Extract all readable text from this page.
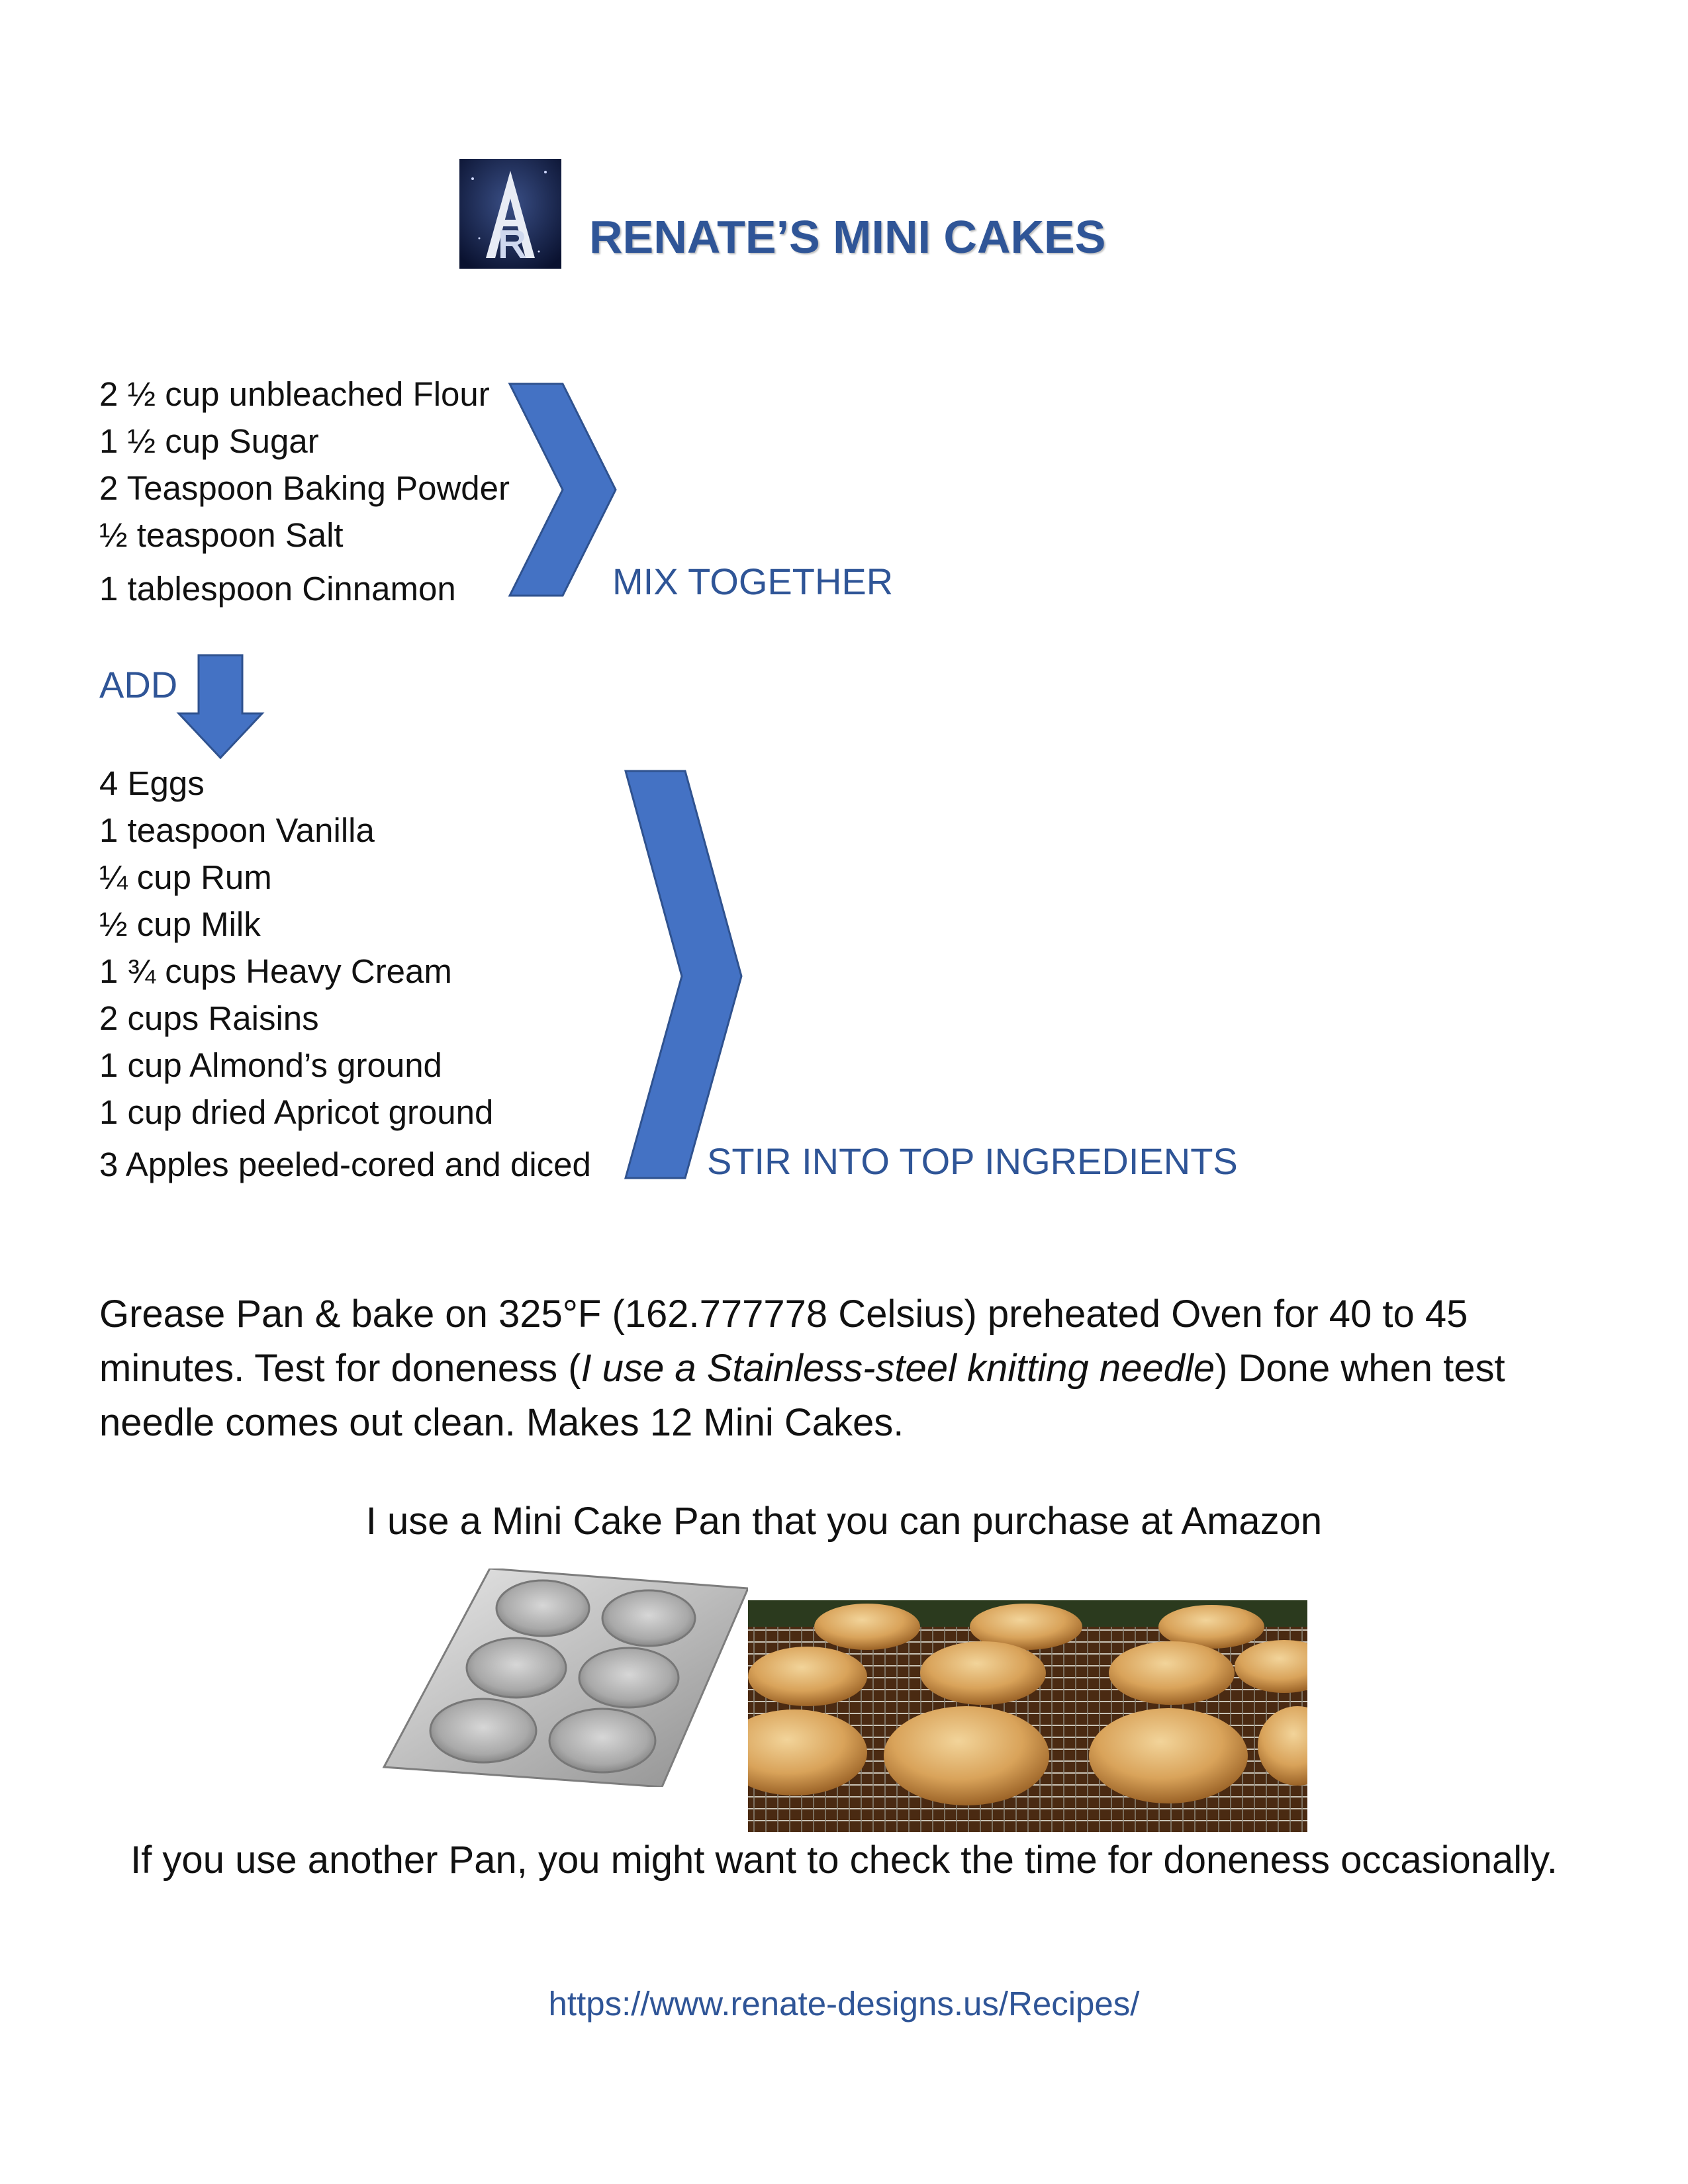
RENATE’S MINI CAKES
2 ½ cup unbleached Flour
1 ½ cup Sugar
2 Teaspoon Baking Powder
½ teaspoon Salt
1 tablespoon Cinnamon	MIX TOGETHER
ADD
4 Eggs
1 teaspoon Vanilla
¼ cup Rum
½ cup Milk
1 ¾ cups Heavy Cream
2 cups Raisins
1 cup Almond’s ground
1 cup dried Apricot ground
3 Apples peeled-cored and diced	STIR INTO TOP INGREDIENTS
Grease Pan & bake on 325°F (162.777778 Celsius) preheated Oven for 40 to 45 minutes. Test for doneness (I use a Stainless-steel knitting needle) Done when test needle comes out clean. Makes 12 Mini Cakes.
I use a Mini Cake Pan that you can purchase at Amazon
If you use another Pan, you might want to check the time for doneness occasionally.
https://www.renate-designs.us/Recipes/
